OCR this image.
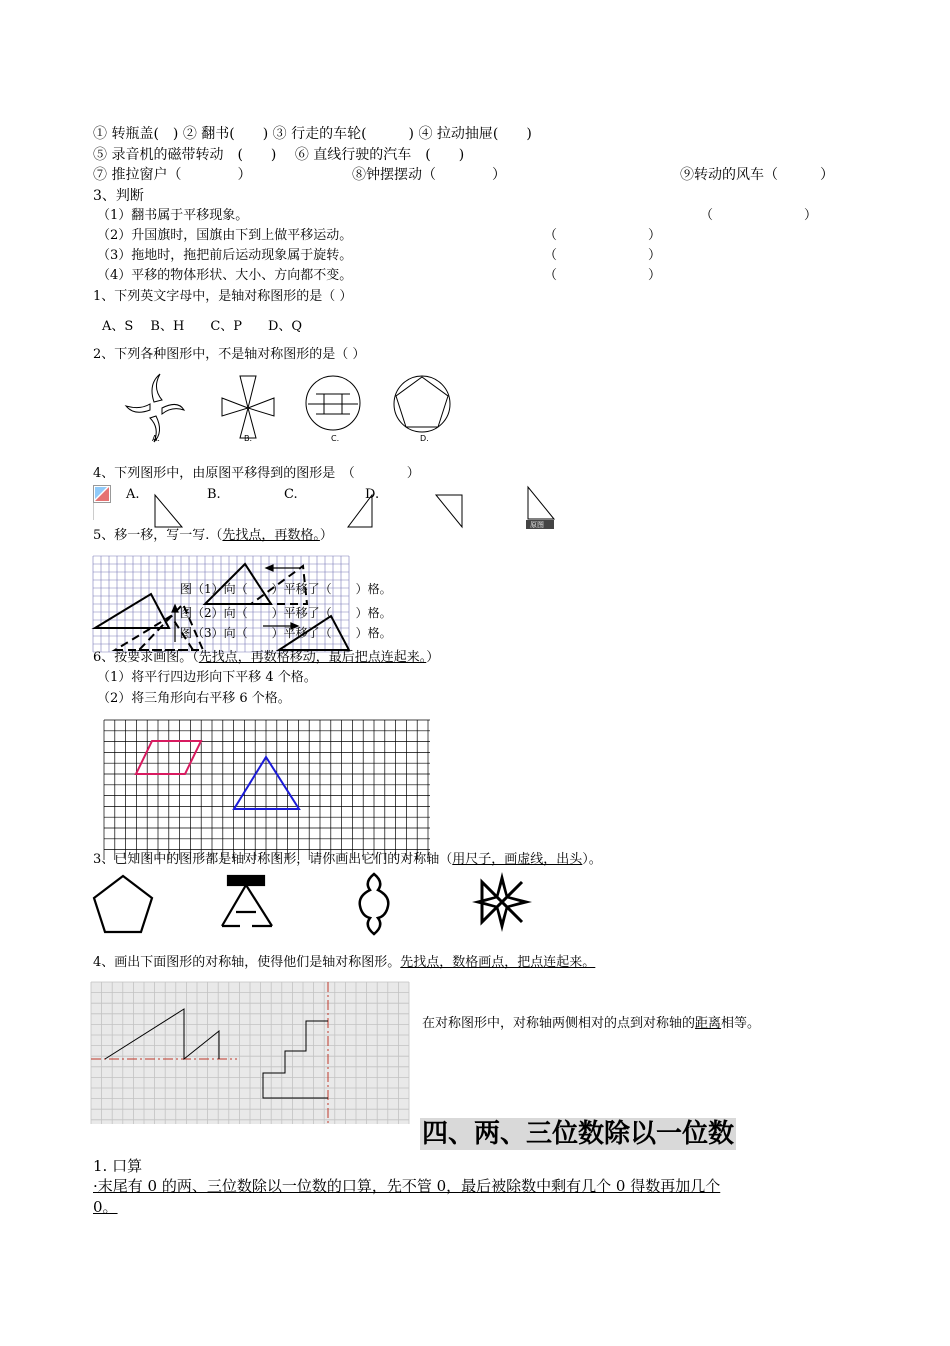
① 转瓶盖(　) ② 翻书(　　) ③ 行走的车轮(　　　) ④ 拉动抽屉(　　)
⑤ 录音机的磁带转动　(　　)　 ⑥ 直线行驶的汽车　(　　)
⑦ 推拉窗户（　　　　）	⑧钟摆摆动（　　　　）	⑨转动的风车（　　　）
3、判断
（1）翻书属于平移现象。	（　　　　　　　）
（2）升国旗时，国旗由下到上做平移运动。	（　　　　　　　）
（3）拖地时，拖把前后运动现象属于旋转。	（　　　　　　　）
（4）平移的物体形状、大小、方向都不变。	（　　　　　　　）
1、下列英文字母中，是轴对称图形的是（ ）
A、S　 B、H　　C、P　　D、Q
2、下列各种图形中，不是轴对称图形的是（ ）
A.	B.	C.	D.
4、下列图形中，由原图平移得到的图形是　（　　　　）
A.	B.	C.	D.
原图
5、移一移，写一写.（先找点，再数格。）
图（1）向（　　）平移了（　　）格。
图（2）向（　　）平移了（　　）格。
图（3）向（　　）平移了（　　）格。
6、按要求画图。（先找点，再数格移动，最后把点连起来。）
（1）将平行四边形向下平移 4 个格。
（2）将三角形向右平移 6 个格。
3、已知图中的图形都是轴对称图形，请你画出它们的对称轴（用尺子，画虚线，出头）。
4、画出下面图形的对称轴，使得他们是轴对称图形。先找点，数格画点，把点连起来。
在对称图形中，对称轴两侧相对的点到对称轴的距离相等。
四、两、三位数除以一位数
1. 口算
·末尾有 0 的两、三位数除以一位数的口算，先不管 0，最后被除数中剩有几个 0 得数再加几个
0。
